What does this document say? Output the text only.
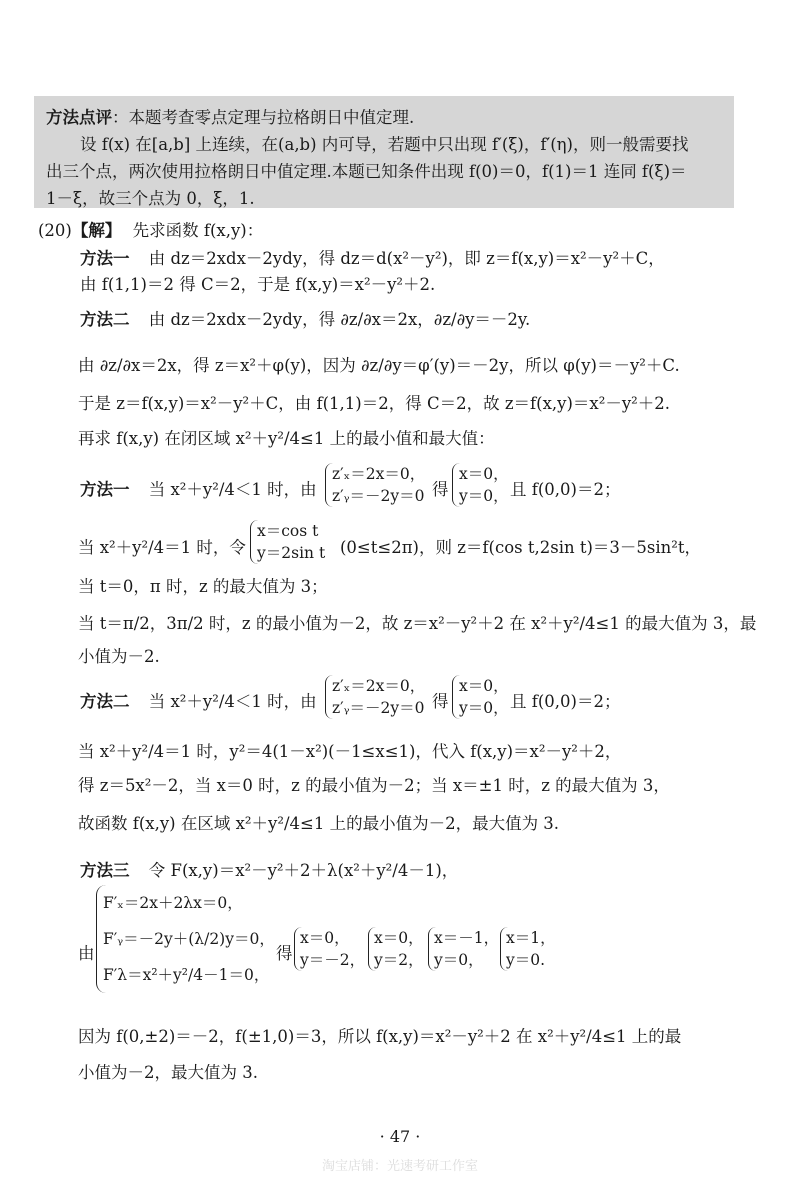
方法点评：本题考查零点定理与拉格朗日中值定理.

设 f(x) 在[a,b] 上连续，在(a,b) 内可导，若题中只出现 f′(ξ)，f′(η)，则一般需要找

出三个点，两次使用拉格朗日中值定理.本题已知条件出现 f(0)＝0，f(1)＝1 连同 f(ξ)＝

1－ξ，故三个点为 0，ξ，1.

(20)【解】 先求函数 f(x,y)：
方法一 由 dz＝2xdx－2ydy，得 dz＝d(x²－y²)，即 z＝f(x,y)＝x²－y²＋C，
由 f(1,1)＝2 得 C＝2，于是 f(x,y)＝x²－y²＋2.
方法二 由 dz＝2xdx－2ydy，得 ∂z/∂x＝2x，∂z/∂y＝－2y.
由 ∂z/∂x＝2x，得 z＝x²＋φ(y)，因为 ∂z/∂y＝φ′(y)＝－2y，所以 φ(y)＝－y²＋C.
于是 z＝f(x,y)＝x²－y²＋C，由 f(1,1)＝2，得 C＝2，故 z＝f(x,y)＝x²－y²＋2.
再求 f(x,y) 在闭区域 x²＋y²/4≤1 上的最小值和最大值：
方法一 当 x²＋y²/4＜1 时，由
z′ₓ＝2x＝0，
z′ᵧ＝－2y＝0 得
x＝0，
y＝0， 且 f(0,0)＝2；
当 x²＋y²/4＝1 时，令
x＝cos t
y＝2sin t (0≤t≤2π)，则 z＝f(cos t,2sin t)＝3－5sin²t，
当 t＝0，π 时，z 的最大值为 3；
当 t＝π/2，3π/2 时，z 的最小值为－2，故 z＝x²－y²＋2 在 x²＋y²/4≤1 的最大值为 3，最
小值为－2.
方法二 当 x²＋y²/4＜1 时，由
z′ₓ＝2x＝0，
z′ᵧ＝－2y＝0 得
x＝0，
y＝0， 且 f(0,0)＝2；
当 x²＋y²/4＝1 时，y²＝4(1－x²)(－1≤x≤1)，代入 f(x,y)＝x²－y²＋2，
得 z＝5x²－2，当 x＝0 时，z 的最小值为－2；当 x＝±1 时，z 的最大值为 3，
故函数 f(x,y) 在区域 x²＋y²/4≤1 上的最小值为－2，最大值为 3.
方法三 令 F(x,y)＝x²－y²＋2＋λ(x²＋y²/4－1)，
由
F′ₓ＝2x＋2λx＝0，
F′ᵧ＝－2y＋(λ/2)y＝0，
F′λ＝x²＋y²/4－1＝0，
得
x＝0，
y＝－2，
x＝0，
y＝2，
x＝－1，
y＝0，
x＝1，
y＝0.
因为 f(0,±2)＝－2，f(±1,0)＝3，所以 f(x,y)＝x²－y²＋2 在 x²＋y²/4≤1 上的最
小值为－2，最大值为 3.
· 47 ·
淘宝店铺：光速考研工作室
